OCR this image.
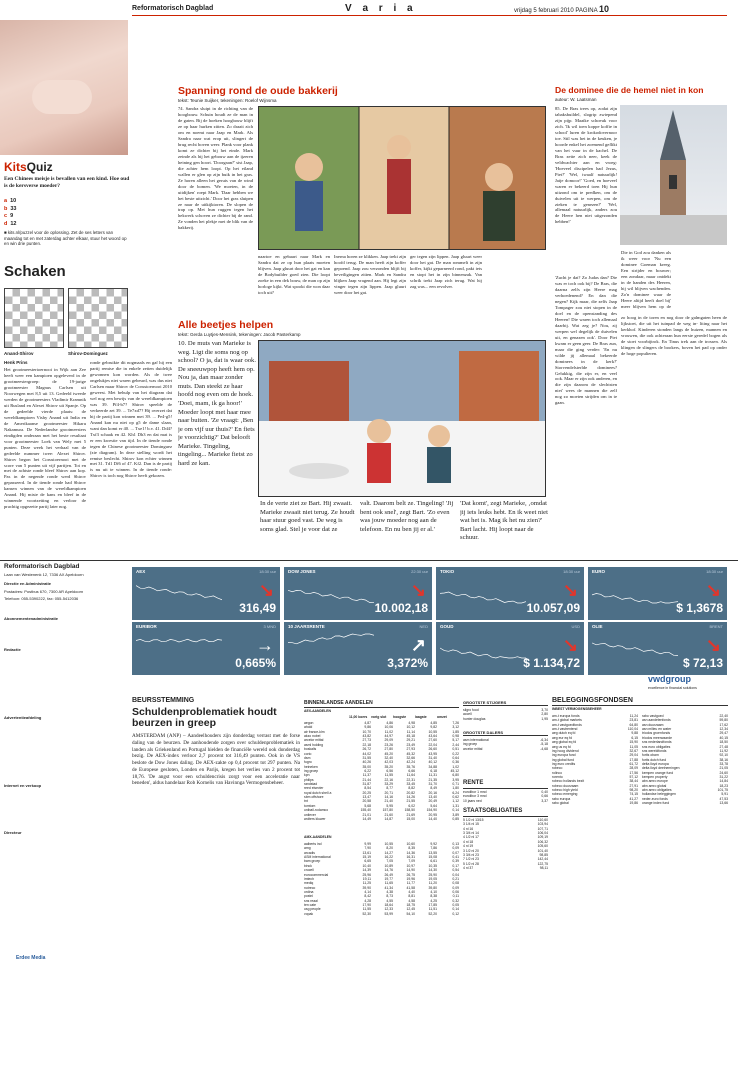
Reformatorisch Dagblad	V a r i a	vrijdag 5 februari 2010 PAGINA 10
KitsQuiz
Een Chinees meisje is bevallen van een kind. Hoe oud is de kersverse moeder?
a 10
b 33
c 9
d 12
■ kits.nl/puzzel voor de oplossing. Zet de ses letters van maandag tot en met zaterdag achter elkaar, stuur het woord op en win drie punten.
Schaken
Anand-Shirov	Shirov-Dominguez
Henk Prins
Het grootmeestertoernooi in Wijk aan Zee heeft weer een kampioen opgeleverd in de grootmeestergroep: de 19-jarige grootmeester Magnus Carlsen uit Noorwegen met 8,5 uit 13. Gedeeld tweede werden de grootmeesters Vladimir Kramnik uit Rusland en Alexei Shirov uit Spanje. Op de gedeelde vierde plaats: de wereldkampioen Vishy Anand uit India en de Amerikaanse grootmeester Hikaru Nakamura. De Nederlandse grootmeesters eindigden onderaan met het beste resultaat voor grootmeester Loek van Wely met 5 punten. Deze week het verhaal van de gedeelde nummer twee: Alexei Shirov. Shirov begon het Corustoernooi met de score van 5 punten uit vijf partijen. Tot en met de achtste ronde bleef Shirov aan kop. Pas in de negende ronde werd Shirov gepasseerd. In de tiende ronde had Shirov kansen winnen van de wereldkampioen Anand. Hij miste de kans en bleef in de winnende voortzetting en verloor de prachtig opgezette partij later nog.
ronde gebruikte dit nogmaals en gaf hij een partij remise die in enkele zetten duidelijk gewonnen kon worden. Als de twee ongelukjes niet waren gebeurd, was dus niet Carlsen maar Shirov de Corustoernooi 2010 geweest. Met behulp van het diagram dat wel nog een bewijs van de wereldkampioen was 39. Pf4-b7? Shirov speelde de verkeerde zet 39. ... Te7xd7? Hij overzet dat hij de partij kon winnen met 39. ... Pe4-g5! Anand kan nu niet op g5 de dame slaan, want dan komt er 40. ... Txe1! b.v. 41. Dd4? Txf3 schaak en 42. Kh1 Dh3 en dat mat is er een kwestie van tijd. In de tiende ronde tegen de Chinese grootmeester Dominguez (zie diagram). In deze stelling wordt het remise beslecht. Shirov kon echter winnen met 31. Td1 Df6 of 47. Kf2. Dan is de partij is nu uit te winnen. In de tiende ronde: Shirov is toch nog Shirov heeft gekozen.
Spanning rond de oude bakkerij
tekst: Teunie Suijker, tekeningen: Roelof Wijnsma
74. Sandra sluipt in de richting van de hoogbouw. Schuin houdt ze de man in de gaten. Bij de hoeken hoogbouw blijft ze op haar hurken zitten. Zo draait zich om en noemt naar Jaap en Mark. Als Sandra naar wat erop uit, slingert de brug recht boven weer. Plank voor plank komt ze dichter bij het einde. Mark zeinde als hij het gebouw aan de ijzeren heining gen hoort. 'Doorgaan?' sist Jaap, die achter hem loopt. Op het eiland wallen er glen op zijn buik in het gras. Ze horen alleen het geruis van de wind door de bomen. 'We moeten, in de uitdijken' roept Mark. 'Daar hebben we het beste uitzicht.' Door het gras sluipen ze naar de uitkijktoren. De slopen de trap op. Met hun ruggen tegen het hekwerk schoven ze dichter bij de rand. Ze vonden het plekje met de blik van de bakkerij.
naartoe en gebaart naar Mark en Sandra dat ze op hun plaats moeten blijven. Jaap gluurt door het gat en kan de Bodybuilder goed zien. Die loopt zoeke in een dek bouw, de man op zijn horloge kijkt. Wat spookt die won daar toch uit?
Inerna horen ze klikken. Jaap trekt zijn hoofd terug. De man heeft zijn koffer gepoend. Jaap zou verzonden blijft bij beveiligingen zitten. Mark en Sandra blijken Jaap vragend aan. Hij legt zijn vinger tegen zijn lippen. Jaap gluurt weer door het gat.
ger tegen zijn lippen. Jaap gluurt weer door het gat. De man rommelt in zijn koffer, kijkt geparneerd rond, pakt iets en stopt het in zijn binnenzak. Van schrik trekt Jaap zich terug. Wat hij zag was... een revolver.
Alle beetjes helpen
tekst: Gerda Luytjes-Mensink, tekeningen: Jacob Pasterkamp
10. De muts van Marieke is weg. Ligt die soms nog op school? O ja, dat is waar ook. De sneeuwpop heeft hem op. Nou ja, dan maar zonder muts. Dan steekt ze haar hoofd nog even om de hoek. 'Doei, mam, ik ga hoor!' Moeder loopt met haar mee naar buiten. 'Ze vraagt: ‚Ben je om vijf uur thuis?' En fiets je voorzichtig?' Dat belooft Marieke. Tingeling, tingeling... Marieke fietst zo hard ze kan.
In de verte ziet ze Bart. Hij zwaait. Marieke zwaait niet terug. Ze houdt haar stuur goed vast. De weg is soms glad. Stel je voor dat ze
valt. Daarom belt ze. Tingeling! 'Jij bent ook snel', zegt Bart. 'Zo even was jouw moeder nog aan de telefoon. En nu ben jij er al.'
'Dat komt', zegt Marieke, ‚omdat jij iets leuks hebt. En ik weet niet wat het is. Mag ik het nu zien?' Bart lacht. Hij loopt naar de schuur.
De dominee die de hemel niet in kon
auteur: W. Laatsman
85. De Bras trees op, zodat zijn tabaksbuildel, slogrip zwiepend zijn pijp. Maaike schoeuk voor zich. 'Ik wil toen koppe koffie in school' luren de krokodovernoor toe. Stil was het in de keuken, je hoorde enkel het zoemend geflikt van het vuur in de kachel. De Bras zette zich neer, keek de veldwachter aan en vroeg: 'Hoeveel discipelen had Jezus, Piet?' 'Wel, twaalf natuurlijk! Jaije domoor!' 'Goed, en hoeveel waren er bekeerd toen Hij hun uitzond om te predken, om de duivelen uit te werpen, om de zieken te genezen?' 'Wel, allemaal natuurlijk, anders zou de Heere hen niet uitgezonden hebben!'
'Zucht je dat? Zo Judas dan? Die was er toch ook bij? De Bras, die daarna zelfs zijn Heere mag verhoedenend? En dan die negen? Kijk maar, die zelfs Jaap Tompager zou niet stopen in de doel en de openstanding des Heeren! Die waren toch allemaal daarbij. Wat zeg je? Nou, zij werpen wel degelijk de duivelen uit, en genazen ook'. Door Piet kwam er geen geer. De Bras zun, maar die ging verder: 'En nu wilde jij allemaal bekeerde dominees in de kerk?' Storvendelsterlde dominees? Gelukkig, die zijn er, en veel ook. Maar er zijn ook anderen, en die zijn daarom de slechtsten niet' wees de mannen die zelf nog zo moeten strijden om in te gaan.
Die in God zou danken als ik weer voor 'Nu een dominee Goeman kreeg. Een strijder en bouwer; een zondaar, maar ontdekt in de handen des Heeren, hij wil blijven wachenden. Zo'n dominee waar de Heere altijd heeft doel bij' meer blijven hem op de
zo hoog in de toren en nog door de galmgaten heen de lijkstoet, die uit het tuinpad de weg in- liting naar het kerkhof. Kinderen stonden langs de huizen, mannen en vrouwen, die ook achteraan hun eerste geredel bogen als de stoet voorbijtrok. En Tinus trek aan de trossen. Als klingen de slingers de bookers, boven het pad op onder de hoge populieren.
Reformatorisch Dagblad
Laan van Westenenk 12, 7336 AX Apeldoorn
Directie en Administratie
Postadres: Postbus 670, 7300 AR Apeldoorn
Telefoon: 055-5390222, fax: 055-5412036
Abonnementenadministratie
Redactie
Advertentieafdeling
Internet en verkoop
Directeur
Erdee Media
AEX	18:30 uur
↘
316,49
DOW JONES	22:30 uur
↘
10.002,18
TOKIO	18:30 uur
↘
10.057,09
EURO	18:30 uur
↘
$ 1,3678
EURIBOR	3 MND
→
0,665%
10 JAARSRENTE	NED
↗
3,372%
GOUD	USD
↘
$ 1.134,72
OLIE	BRENT
↘
$ 72,13
vwdgroup
excellence in financial solutions
BEURSSTEMMING
Schuldenproblematiek houdt beurzen in greep
AMSTERDAM (ANP) – Aandeelhouders zijn donderdag verrast met de forse daling van de beurzen. De aanhoudende zorgen over schuldenproblematiek in landen als Griekenland en Portugal hielden de financiële wereld ook donderdag bezig. De AEX-index verloor 2,7 procent tot 316,49 punten. Ook in de VS beslote de Dow Jones daling. De AEX-zakte op 0,4 procent tot 297 punten. Na de Europese gesloten, Londen en Parijs, kregen het verlies van 2 procent tot 18,76. 'De angst voor een schuldencrisis zorgt voor een acceleratie naar beneden', aldus handelaar Rob Kornelis van Havinnga Vermogensbeheer.
BINNENLANDSE AANDELEN
AEX-AANDELEN
11,00 koers	vorig slot	hoogste	laagste	omzet
aegon	4,87	4,86	4,98	4,85	7,26
ahold	9,86	10,06	10,12	9,82	3,12
air france-klm	10,70	11,02	11,14	10,55	1,85
akzo nobel	43,82	44,97	45,18	43,64	0,98
arcelor mittal	27,73	29,09	29,21	27,60	5,17
asml holding	22,18	23,26	23,49	22,04	2,44
boskalis	26,72	27,80	27,93	26,60	0,51
corio	44,02	45,20	45,32	43,95	0,22
dsm	31,55	32,40	32,66	31,40	0,64
fugro	40,26	42,03	42,24	40,12	0,36
heineken	35,00	35,20	35,76	34,88	1,02
ing groep	6,22	6,56	6,66	6,18	45,12
kpn	11,37	11,55	11,64	11,31	6,80
philips	21,44	22,16	22,31	21,35	3,95
randstad	31,87	33,29	33,45	31,70	0,71
reed elsevier	8,54	8,77	8,82	8,49	1,80
royal dutch shell a	20,25	20,71	20,82	20,16	6,24
sbm offshore	13,47	14,16	14,26	13,40	0,62
tnt	20,58	21,40	21,55	20,49	1,12
tomtom	5,68	5,95	6,02	5,64	1,31
unibail-rodamco	155,40	157,80	158,50	154,90	0,14
unilever	21,01	21,60	21,69	20,95	3,89
wolters kluwer	14,49	14,87	15,00	14,40	0,85
AMX-AANDELEN
aalberts ind	9,99	10,55	10,60	9,92	0,13
amg	7,90	8,20	8,35	7,86	0,09
arcadis	13,61	14,27	14,36	13,55	0,07
ASM international	15,19	16,22	16,31	15,08	0,41
bam groep	6,65	7,05	7,09	6,61	0,39
binck	10,40	10,89	10,97	10,35	0,17
crucell	14,39	14,76	14,90	14,30	0,54
eurocommercial	25,96	26,49	26,75	25,90	0,04
imtech	19,11	19,77	19,96	19,05	0,21
mediq	11,25	11,65	11,77	11,20	0,08
nutreco	39,90	41,34	41,58	39,80	0,09
ordina	4,14	4,38	4,40	4,10	0,06
postnl	8,42	8,73	8,81	8,38	0,11
sns reaal	4,28	4,55	4,58	4,25	0,32
ten cate	17,90	18,64	18,75	17,85	0,05
usg people	11,55	12,33	12,45	11,51	0,14
vopak	52,30	53,99	54,10	52,20	0,12
GROOTSTE STIJGERS
sligro food	3,70
accell	2,80
hunter douglas	1,95
GROOTSTE DALERS
asm international	-6,34
ing groep	-5,18
arcelor mittal	-4,68
RENTE
eurolibor 1 mnd	0,40
eurolibor 3 mnd	0,66
10 jaars ned	3,37
STAATSOBLIGATIES
5 1/2 nl 13/15	110,60
3 1/4 nl 15	103,94
4 nl 16	107,71
3 3/4 nl 14	106,04
4 1/2 nl 17	109,19
4 nl 18	106,32
4 nl 19	105,60
3 1/2 nl 20	101,40
3 3/4 nl 23	98,85
7 1/2 nl 23	142,44
5 1/2 nl 28	122,75
4 nl 37	98,11
BELEGGINGSFONDSEN
INBEST VERMOGENSBEHEER
am-t europa fonds	11,24
am-t global markets	23,81
am-t vastgoedfonds	64,80
am-t vastrentend	110,04
aeg dutch eq fd	9,88
aeg eur eq fd	6,15
aeg global eq fd	15,90
aeg us eq fd	11,05
ing hoog dividend	32,67
ing europa fund	29,04
ing global fund	17,88
ing euro credits	61,72
robeco	28,09
rolinco	17,56
rorento	57,12
robeco hollands bezit	38,44
robeco duurzaam	27,91
robeco high yield	98,20
robeco emerging	74,15
rabo europa	41,27
rabo global	19,86
rabo vastgoed	22,40
asn aandelenfonds	59,80
asn duurzaam	17,62
asn milieu en water	12,34
triodos groenfonds	29,47
triodos meerwaarde	40,15
sns nederlandfonds	18,50
sns euro obligaties	27,48
sns wereldfonds	11,92
fortis obam	92,10
fortis dutch fund	38,16
delta lloyd europa	33,78
delta lloyd deelnemingen	21,05
kempen orange fund	24,60
kempen property	31,22
abn amro europe	14,84
abn amro global	18,23
abn amro obligaties	101,75
hollandse beleggingen	5,91
neder-euro fonds	47,53
orange index fund	13,66
